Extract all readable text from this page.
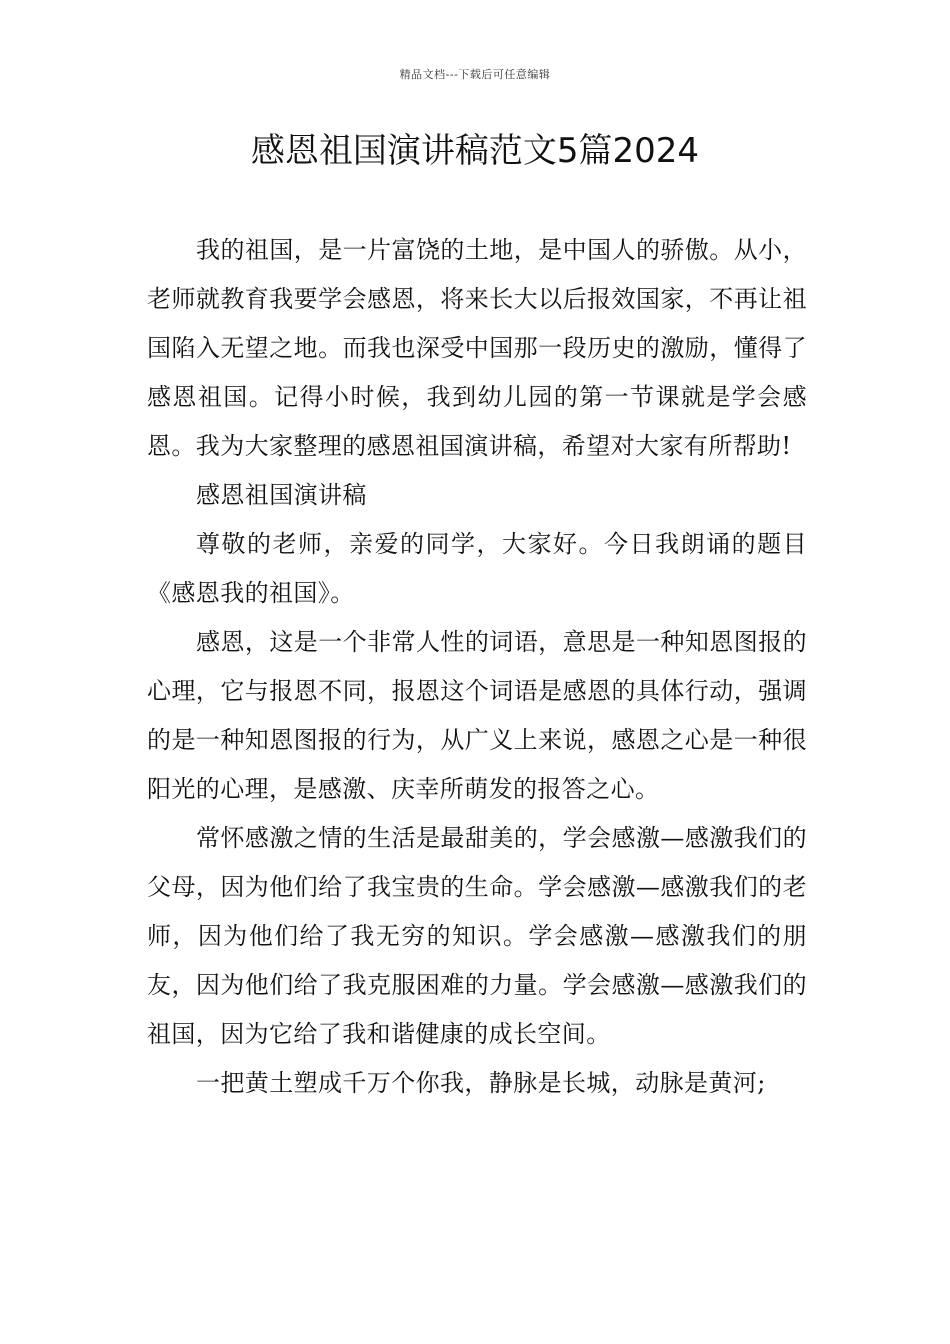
精品文档---下载后可任意编辑
感恩祖国演讲稿范文5篇2024

我的祖国，是一片富饶的土地，是中国人的骄傲。从小，老师就教育我要学会感恩，将来长大以后报效国家，不再让祖国陷入无望之地。而我也深受中国那一段历史的激励，懂得了感恩祖国。记得小时候，我到幼儿园的第一节课就是学会感恩。我为大家整理的感恩祖国演讲稿，希望对大家有所帮助!

感恩祖国演讲稿

尊敬的老师，亲爱的同学，大家好。今日我朗诵的题目《感恩我的祖国》。

感恩，这是一个非常人性的词语，意思是一种知恩图报的心理，它与报恩不同，报恩这个词语是感恩的具体行动，强调的是一种知恩图报的行为，从广义上来说，感恩之心是一种很阳光的心理，是感激、庆幸所萌发的报答之心。

常怀感激之情的生活是最甜美的，学会感激—感激我们的父母，因为他们给了我宝贵的生命。学会感激—感激我们的老师，因为他们给了我无穷的知识。学会感激—感激我们的朋友，因为他们给了我克服困难的力量。学会感激—感激我们的祖国，因为它给了我和谐健康的成长空间。

一把黄土塑成千万个你我，静脉是长城，动脉是黄河;
